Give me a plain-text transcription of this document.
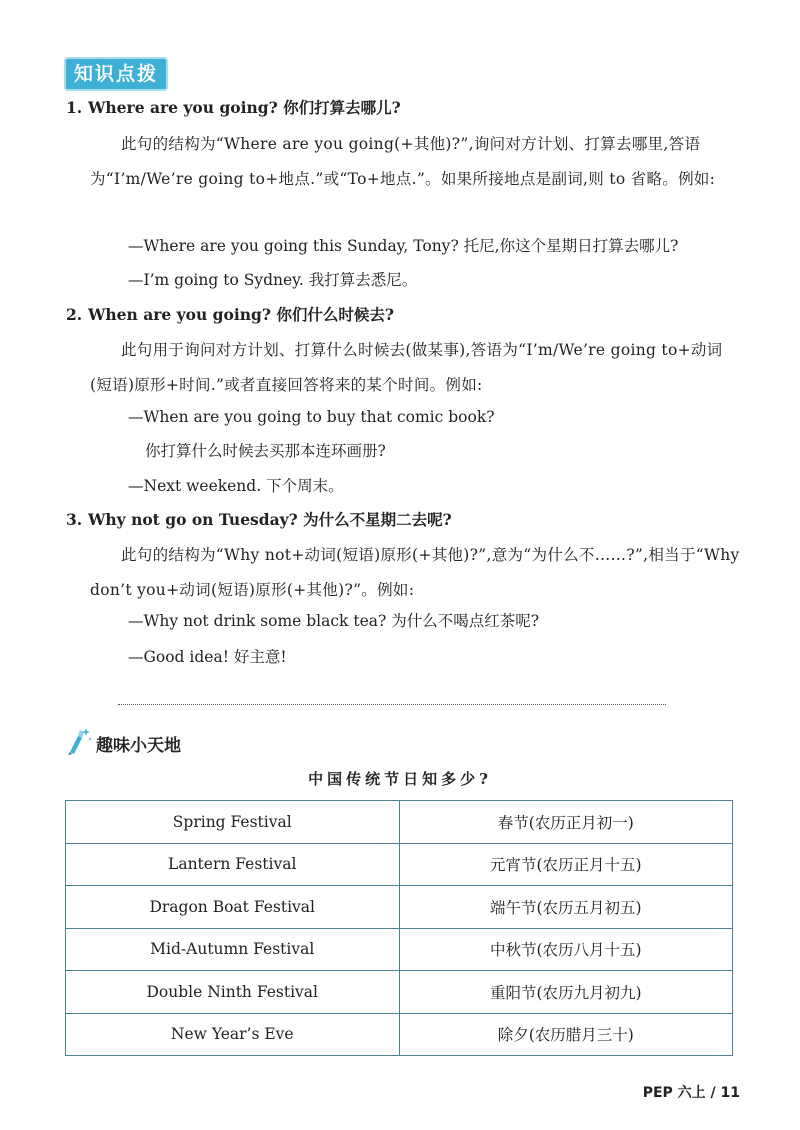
知识点拨
1. Where are you going? 你们打算去哪儿?
此句的结构为“Where are you going(+其他)?”,询问对方计划、打算去哪里,答语为“I’m/We’re going to+地点.”或“To+地点.”。如果所接地点是副词,则 to 省略。例如:
—Where are you going this Sunday, Tony? 托尼,你这个星期日打算去哪儿?
—I’m going to Sydney. 我打算去悉尼。
2. When are you going? 你们什么时候去?
此句用于询问对方计划、打算什么时候去(做某事),答语为“I’m/We’re going to+动词(短语)原形+时间.”或者直接回答将来的某个时间。例如:
—When are you going to buy that comic book?
你打算什么时候去买那本连环画册?
—Next weekend. 下个周末。
3. Why not go on Tuesday? 为什么不星期二去呢?
此句的结构为“Why not+动词(短语)原形(+其他)?”,意为“为什么不……?”,相当于“Why don’t you+动词(短语)原形(+其他)?”。例如:
—Why not drink some black tea? 为什么不喝点红茶呢?
—Good idea! 好主意!
趣味小天地
中国传统节日知多少?
Spring Festival	春节(农历正月初一)
Lantern Festival	元宵节(农历正月十五)
Dragon Boat Festival	端午节(农历五月初五)
Mid-Autumn Festival	中秋节(农历八月十五)
Double Ninth Festival	重阳节(农历九月初九)
New Year’s Eve	除夕(农历腊月三十)
PEP 六上 / 11
